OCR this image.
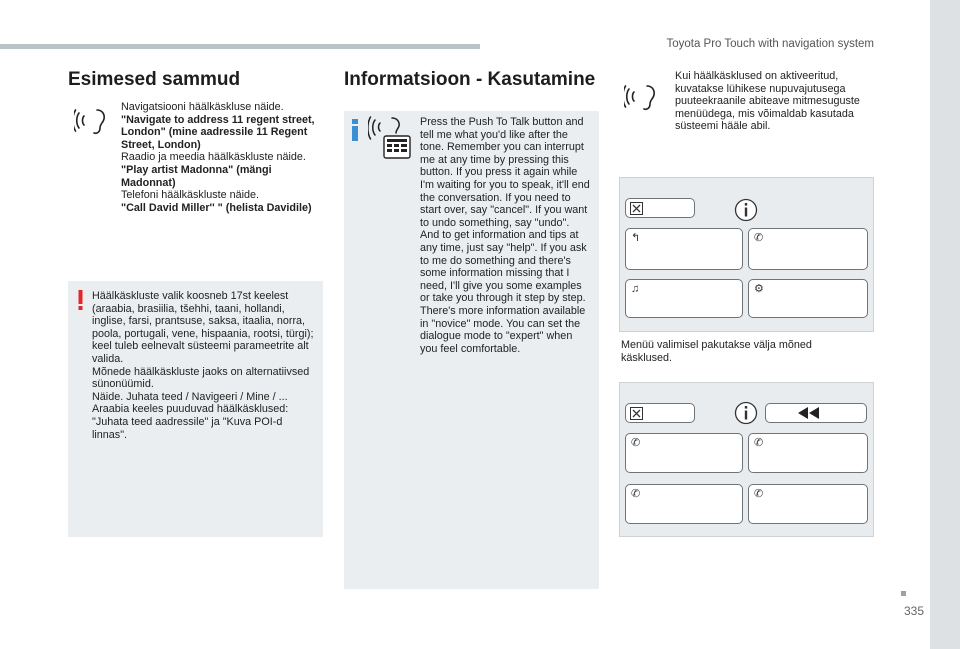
Toyota Pro Touch with navigation system
Esimesed sammud
Navigatsiooni häälkäskluse näide.
"Navigate to address 11 regent street, London" (mine aadressile 11 Regent Street, London)
Raadio ja meedia häälkäskluste näide.
"Play artist Madonna" (mängi Madonnat)
Telefoni häälkäskluste näide.
"Call David Miller'' " (helista Davidile)
Häälkäskluste valik koosneb 17st keelest (araabia, brasiilia, tšehhi, taani, hollandi, inglise, farsi, prantsuse, saksa, itaalia, norra, poola, portugali, vene, hispaania, rootsi, türgi); keel tuleb eelnevalt süsteemi parameetrite alt valida.
Mõnede häälkäskluste jaoks on alternatiivsed sünonüümid.
Näide. Juhata teed / Navigeeri / Mine / ...
Araabia keeles puuduvad häälkäsklused: "Juhata teed aadressile" ja "Kuva POI-d linnas".
Informatsioon - Kasutamine
Press the Push To Talk button and tell me what you'd like after the tone. Remember you can interrupt me at any time by pressing this button. If you press it again while I'm waiting for you to speak, it'll end the conversation. If you need to start over, say "cancel". If you want to undo something, say "undo". And to get information and tips at any time, just say "help". If you ask to me do something and there's some information missing that I need, I'll give you some examples or take you through it step by step. There's more information available in "novice" mode. You can set the dialogue mode to "expert" when you feel comfortable.
Kui häälkäsklused on aktiveeritud, kuvatakse lühikese nupuvajutusega puuteekraanile abiteave mitmesuguste menüüdega, mis võimaldab kasutada süsteemi hääle abil.
↰	✆
♫	⚙
Menüü valimisel pakutakse välja mõned käsklused.
✆	✆
✆	✆
335
